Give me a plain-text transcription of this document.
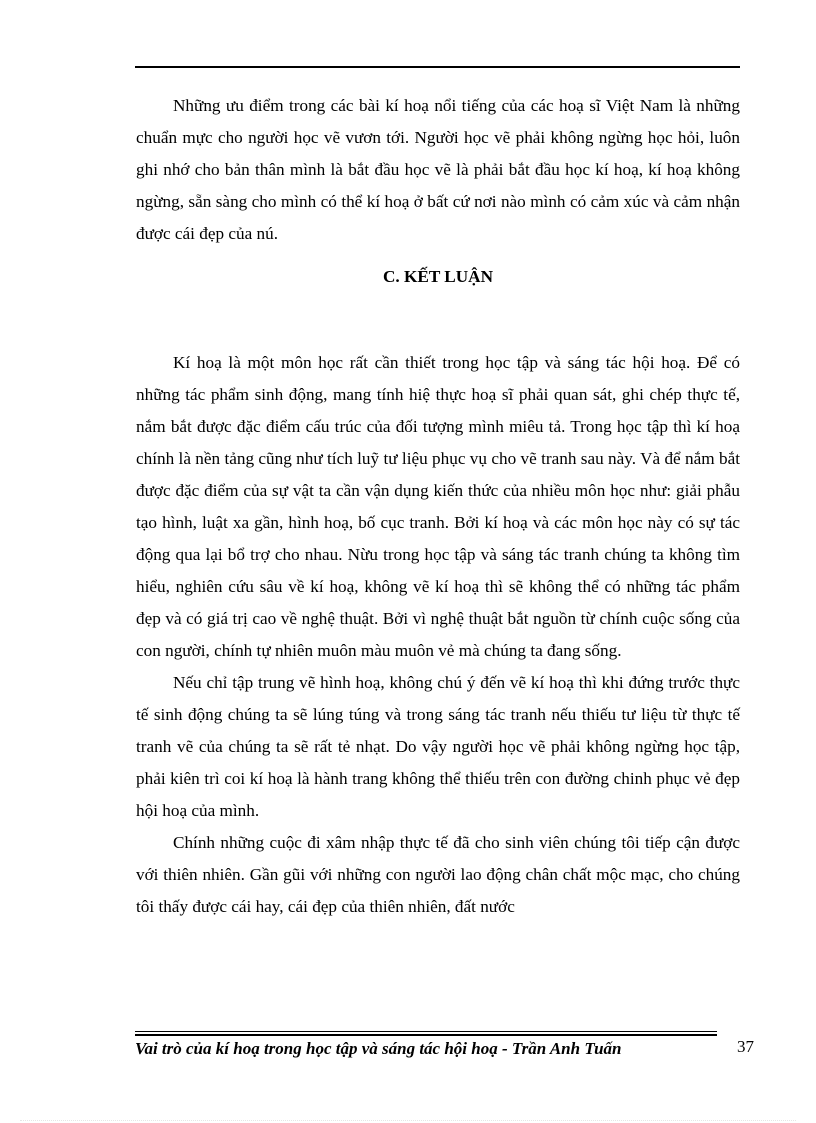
Những ưu điểm trong các bài kí hoạ nổi tiếng của các hoạ sĩ Việt Nam là những chuẩn mực cho người học vẽ vươn tới. Người học vẽ phải không ngừng học hỏi, luôn ghi nhớ cho bản thân mình là bắt đầu học vẽ là phải bắt đầu học kí hoạ, kí hoạ không ngừng, sẵn sàng cho mình có thể kí hoạ ở bất cứ nơi nào mình có cảm xúc và cảm nhận được cái đẹp của nú.

C. KẾT LUẬN

Kí hoạ là một môn học rất cần thiết trong học tập và sáng tác hội hoạ. Để có những tác phẩm sinh động, mang tính hiệ thực hoạ sĩ phải quan sát, ghi chép thực tế, nắm bắt được đặc điểm cấu trúc của đối tượng mình miêu tả. Trong học tập thì kí hoạ chính là nền tảng cũng như tích luỹ tư liệu phục vụ cho vẽ tranh sau này. Và để nắm bắt được đặc điểm của sự vật ta cần vận dụng kiến thức của nhiều môn học như: giải phẫu tạo hình, luật xa gần, hình hoạ, bố cục tranh. Bởi kí hoạ và các môn học này có sự tác động qua lại bổ trợ cho nhau. Nừu trong học tập và sáng tác tranh chúng ta không tìm hiểu, nghiên cứu sâu về kí hoạ, không vẽ kí hoạ thì sẽ không thể có những tác phẩm đẹp và có giá trị cao về nghệ thuật. Bởi vì nghệ thuật bắt nguồn từ chính cuộc sống của con người, chính tự nhiên muôn màu muôn vẻ mà chúng ta đang sống.

Nếu chỉ tập trung vẽ hình hoạ, không chú ý đến vẽ kí hoạ thì khi đứng trước thực tế sinh động chúng ta sẽ lúng túng và trong sáng tác tranh nếu thiếu tư liệu từ thực tế tranh vẽ của chúng ta sẽ rất tẻ nhạt. Do vậy người học vẽ phải không ngừng học tập, phải kiên trì coi kí hoạ là hành trang không thể thiếu trên con đường chinh phục vẻ đẹp hội hoạ của mình.

Chính những cuộc đi xâm nhập thực tế đã cho sinh viên chúng tôi tiếp cận được với thiên nhiên. Gần gũi với những con người lao động chân chất mộc mạc, cho chúng tôi thấy được cái hay, cái đẹp của thiên nhiên, đất nước

Vai trò của kí hoạ trong học tập và sáng tác hội hoạ - Trần Anh Tuấn	37
